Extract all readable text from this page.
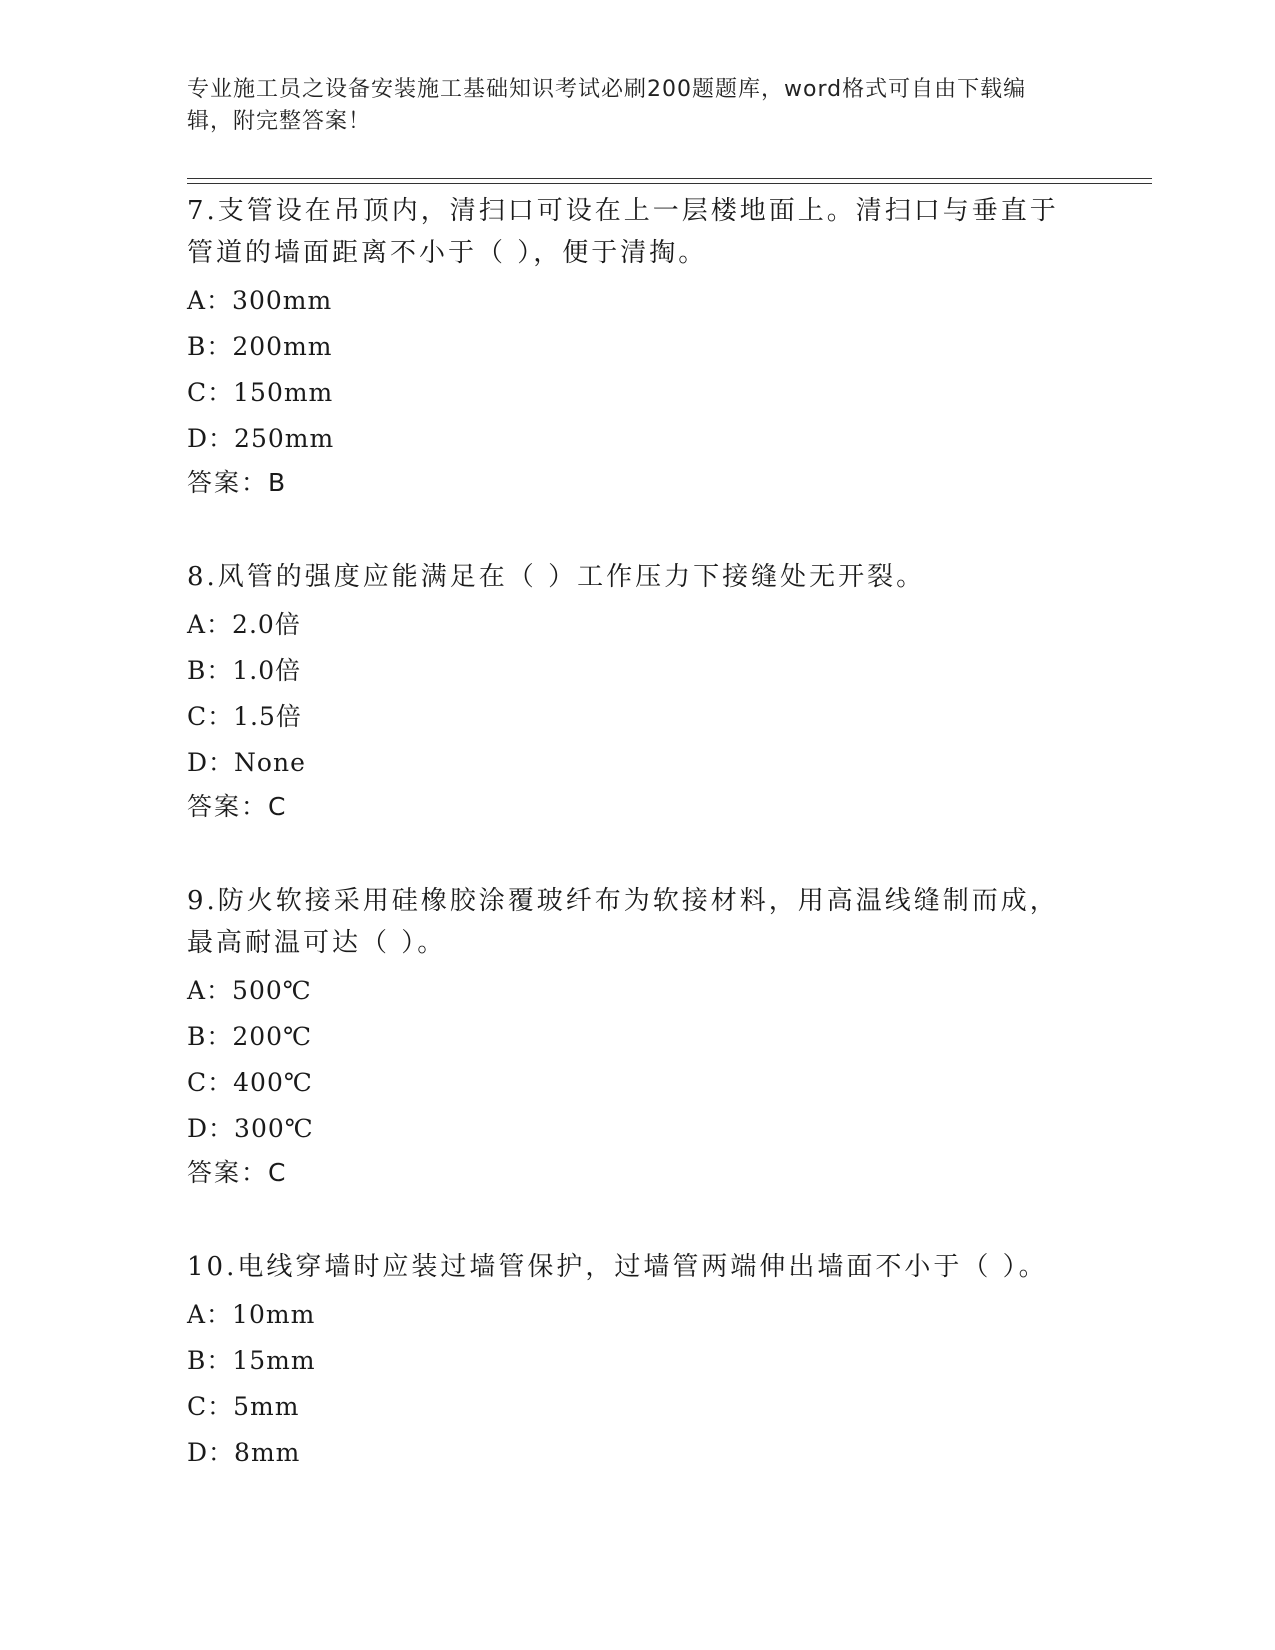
专业施工员之设备安装施工基础知识考试必刷200题题库，word格式可自由下载编辑，附完整答案！
7.支管设在吊顶内，清扫口可设在上一层楼地面上。清扫口与垂直于管道的墙面距离不小于（ ），便于清掏。
A：300mm
B：200mm
C：150mm
D：250mm
答案：B
8.风管的强度应能满足在（ ）工作压力下接缝处无开裂。
A：2.0倍
B：1.0倍
C：1.5倍
D：None
答案：C
9.防火软接采用硅橡胶涂覆玻纤布为软接材料，用高温线缝制而成，最高耐温可达（ ）。
A：500℃
B：200℃
C：400℃
D：300℃
答案：C
10.电线穿墙时应装过墙管保护，过墙管两端伸出墙面不小于（ ）。
A：10mm
B：15mm
C：5mm
D：8mm
